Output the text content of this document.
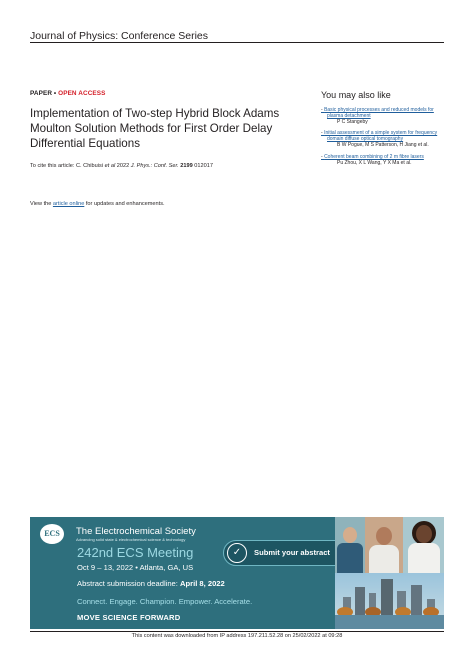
Journal of Physics: Conference Series
PAPER • OPEN ACCESS
Implementation of Two-step Hybrid Block Adams Moulton Solution Methods for First Order Delay Differential Equations
To cite this article: C. Chibuisi et al 2022 J. Phys.: Conf. Ser. 2199 012017
View the article online for updates and enhancements.
You may also like
- Basic physical processes and reduced models for plasma detachment
P C Stangeby
- Initial assessment of a simple system for frequency domain diffuse optical tomography
B W Pogue, M S Patterson, H Jiang et al.
- Coherent beam combining of 2 m fibre lasers
Pu Zhou, X L Wang, Y X Ma et al.
ECS	The Electrochemical Society
Advancing solid state & electrochemical science & technology
242nd ECS Meeting
Oct 9 – 13, 2022 • Atlanta, GA, US
Abstract submission deadline: April 8, 2022
Connect. Engage. Champion. Empower. Accelerate.
MOVE SCIENCE FORWARD
✓	Submit your abstract
This content was downloaded from IP address 197.211.52.28 on 25/02/2022 at 09:28
